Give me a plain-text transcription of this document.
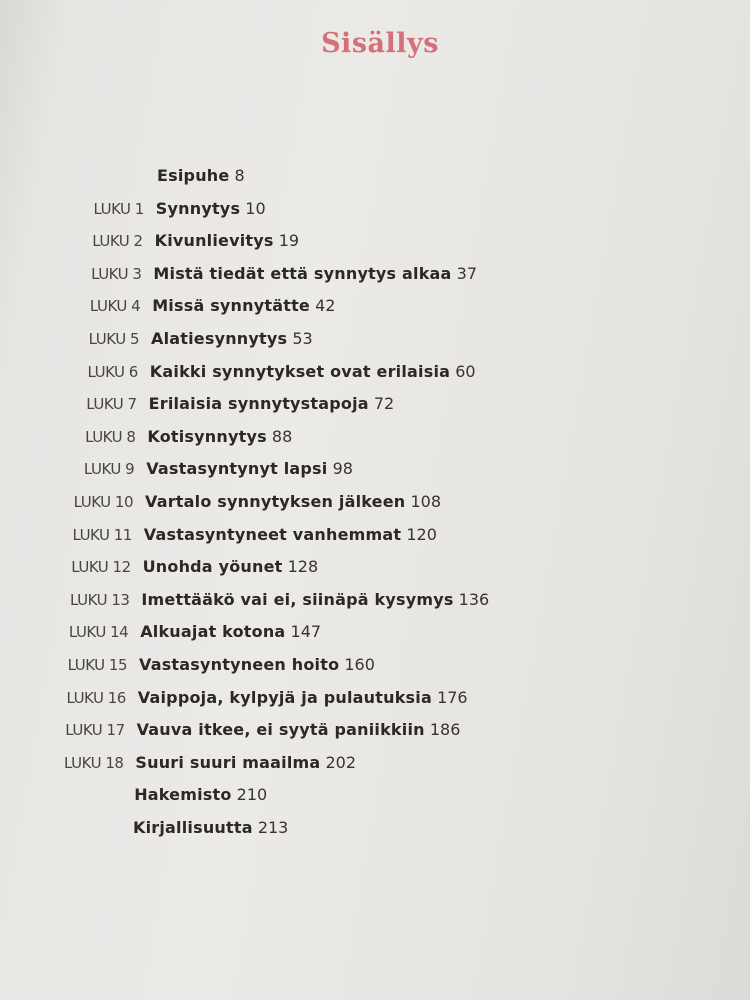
Sisällys
Esipuhe 8
LUKU 1 Synnytys 10
LUKU 2 Kivunlievitys 19
LUKU 3 Mistä tiedät että synnytys alkaa 37
LUKU 4 Missä synnytätte 42
LUKU 5 Alatiesynnytys 53
LUKU 6 Kaikki synnytykset ovat erilaisia 60
LUKU 7 Erilaisia synnytystapoja 72
LUKU 8 Kotisynnytys 88
LUKU 9 Vastasyntynyt lapsi 98
LUKU 10 Vartalo synnytyksen jälkeen 108
LUKU 11 Vastasyntyneet vanhemmat 120
LUKU 12 Unohda yöunet 128
LUKU 13 Imettääkö vai ei, siinäpä kysymys 136
LUKU 14 Alkuajat kotona 147
LUKU 15 Vastasyntyneen hoito 160
LUKU 16 Vaippoja, kylpyjä ja pulautuksia 176
LUKU 17 Vauva itkee, ei syytä paniikkiin 186
LUKU 18 Suuri suuri maailma 202
Hakemisto 210
Kirjallisuutta 213
